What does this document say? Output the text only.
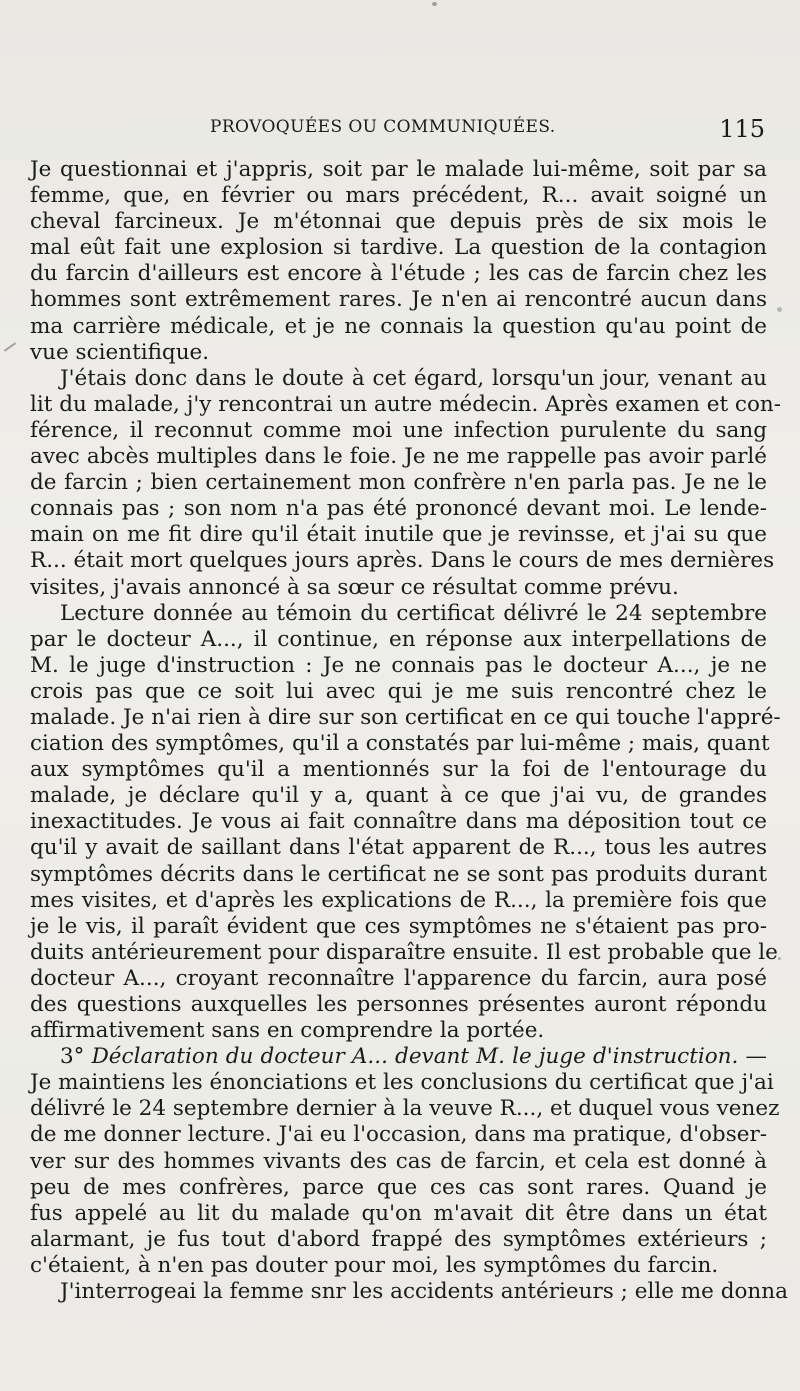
PROVOQUÉES OU COMMUNIQUÉES.	115
Je questionnai et j'appris, soit par le malade lui-même, soit par sa
femme, que, en février ou mars précédent, R... avait soigné un
cheval farcineux. Je m'étonnai que depuis près de six mois le
mal eût fait une explosion si tardive. La question de la contagion
du farcin d'ailleurs est encore à l'étude ; les cas de farcin chez les
hommes sont extrêmement rares. Je n'en ai rencontré aucun dans
ma carrière médicale, et je ne connais la question qu'au point de
vue scientifique.
J'étais donc dans le doute à cet égard, lorsqu'un jour, venant au
lit du malade, j'y rencontrai un autre médecin. Après examen et con-
férence, il reconnut comme moi une infection purulente du sang
avec abcès multiples dans le foie. Je ne me rappelle pas avoir parlé
de farcin ; bien certainement mon confrère n'en parla pas. Je ne le
connais pas ; son nom n'a pas été prononcé devant moi. Le lende-
main on me fit dire qu'il était inutile que je revinsse, et j'ai su que
R... était mort quelques jours après. Dans le cours de mes dernières
visites, j'avais annoncé à sa sœur ce résultat comme prévu.
Lecture donnée au témoin du certificat délivré le 24 septembre
par le docteur A..., il continue, en réponse aux interpellations de
M. le juge d'instruction : Je ne connais pas le docteur A..., je ne
crois pas que ce soit lui avec qui je me suis rencontré chez le
malade. Je n'ai rien à dire sur son certificat en ce qui touche l'appré-
ciation des symptômes, qu'il a constatés par lui-même ; mais, quant
aux symptômes qu'il a mentionnés sur la foi de l'entourage du
malade, je déclare qu'il y a, quant à ce que j'ai vu, de grandes
inexactitudes. Je vous ai fait connaître dans ma déposition tout ce
qu'il y avait de saillant dans l'état apparent de R..., tous les autres
symptômes décrits dans le certificat ne se sont pas produits durant
mes visites, et d'après les explications de R..., la première fois que
je le vis, il paraît évident que ces symptômes ne s'étaient pas pro-
duits antérieurement pour disparaître ensuite. Il est probable que le
docteur A..., croyant reconnaître l'apparence du farcin, aura posé
des questions auxquelles les personnes présentes auront répondu
affirmativement sans en comprendre la portée.
3° Déclaration du docteur A... devant M. le juge d'instruction. —
Je maintiens les énonciations et les conclusions du certificat que j'ai
délivré le 24 septembre dernier à la veuve R..., et duquel vous venez
de me donner lecture. J'ai eu l'occasion, dans ma pratique, d'obser-
ver sur des hommes vivants des cas de farcin, et cela est donné à
peu de mes confrères, parce que ces cas sont rares. Quand je
fus appelé au lit du malade qu'on m'avait dit être dans un état
alarmant, je fus tout d'abord frappé des symptômes extérieurs ;
c'étaient, à n'en pas douter pour moi, les symptômes du farcin.
J'interrogeai la femme snr les accidents antérieurs ; elle me donna
